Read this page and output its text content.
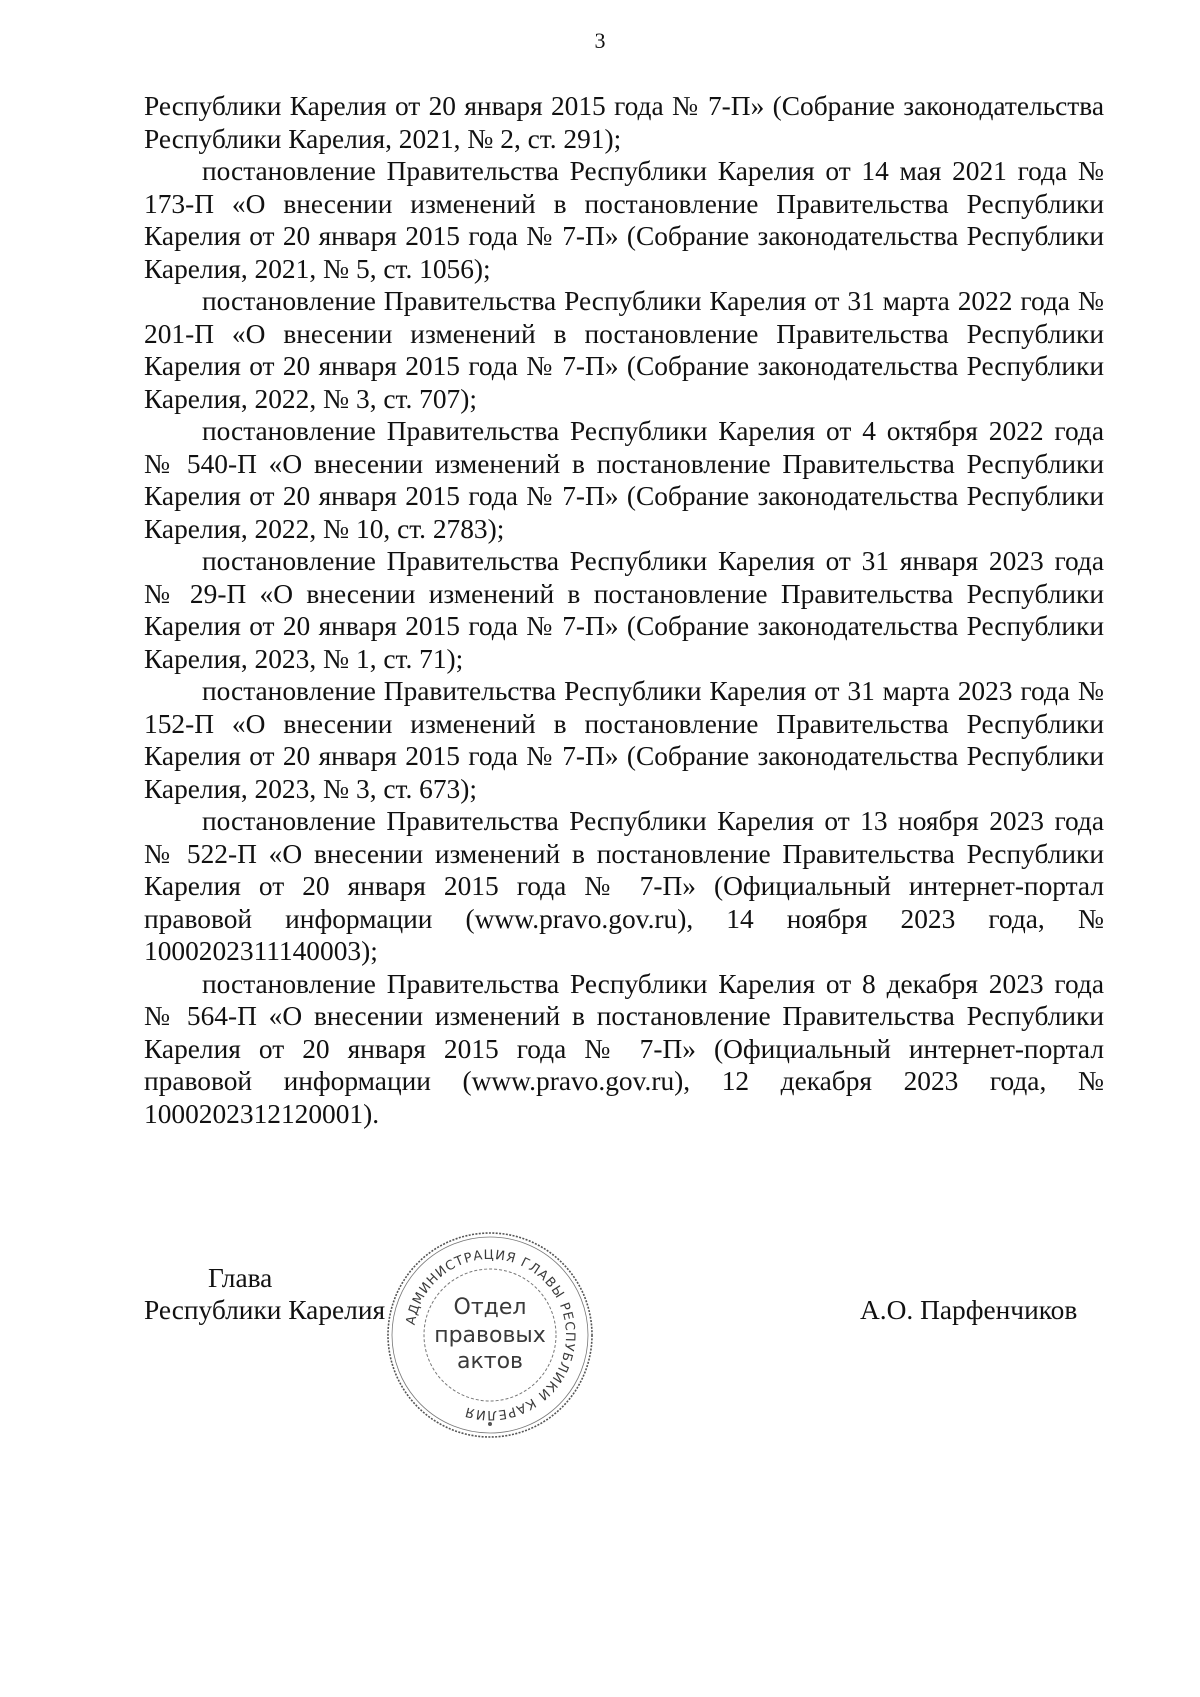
3

Республики Карелия от 20 января 2015 года № 7-П» (Собрание законодательства Республики Карелия, 2021, № 2, ст. 291);

постановление Правительства Республики Карелия от 14 мая 2021 года № 173-П «О внесении изменений в постановление Правительства Республики Карелия от 20 января 2015 года № 7-П» (Собрание законодательства Республики Карелия, 2021, № 5, ст. 1056);

постановление Правительства Республики Карелия от 31 марта 2022 года № 201-П «О внесении изменений в постановление Правительства Республики Карелия от 20 января 2015 года № 7-П» (Собрание законодательства Республики Карелия, 2022, № 3, ст. 707);

постановление Правительства Республики Карелия от 4 октября 2022 года № 540-П «О внесении изменений в постановление Правительства Республики Карелия от 20 января 2015 года № 7-П» (Собрание законодательства Республики Карелия, 2022, № 10, ст. 2783);

постановление Правительства Республики Карелия от 31 января 2023 года № 29-П «О внесении изменений в постановление Правительства Республики Карелия от 20 января 2015 года № 7-П» (Собрание законодательства Республики Карелия, 2023, № 1, ст. 71);

постановление Правительства Республики Карелия от 31 марта 2023 года № 152-П «О внесении изменений в постановление Правительства Республики Карелия от 20 января 2015 года № 7-П» (Собрание законодательства Республики Карелия, 2023, № 3, ст. 673);

постановление Правительства Республики Карелия от 13 ноября 2023 года № 522-П «О внесении изменений в постановление Правительства Республики Карелия от 20 января 2015 года № 7-П» (Официальный интернет-портал правовой информации (www.pravo.gov.ru), 14 ноября 2023 года, № 1000202311140003);

постановление Правительства Республики Карелия от 8 декабря 2023 года № 564-П «О внесении изменений в постановление Правительства Республики Карелия от 20 января 2015 года № 7-П» (Официальный интернет-портал правовой информации (www.pravo.gov.ru), 12 декабря 2023 года, № 1000202312120001).

Глава
Республики Карелия	А.О. Парфенчиков
АДМИНИСТРАЦИЯ ГЛАВЫ РЕСПУБЛИКИ КАРЕЛИЯ
Отдел
правовых
актов
